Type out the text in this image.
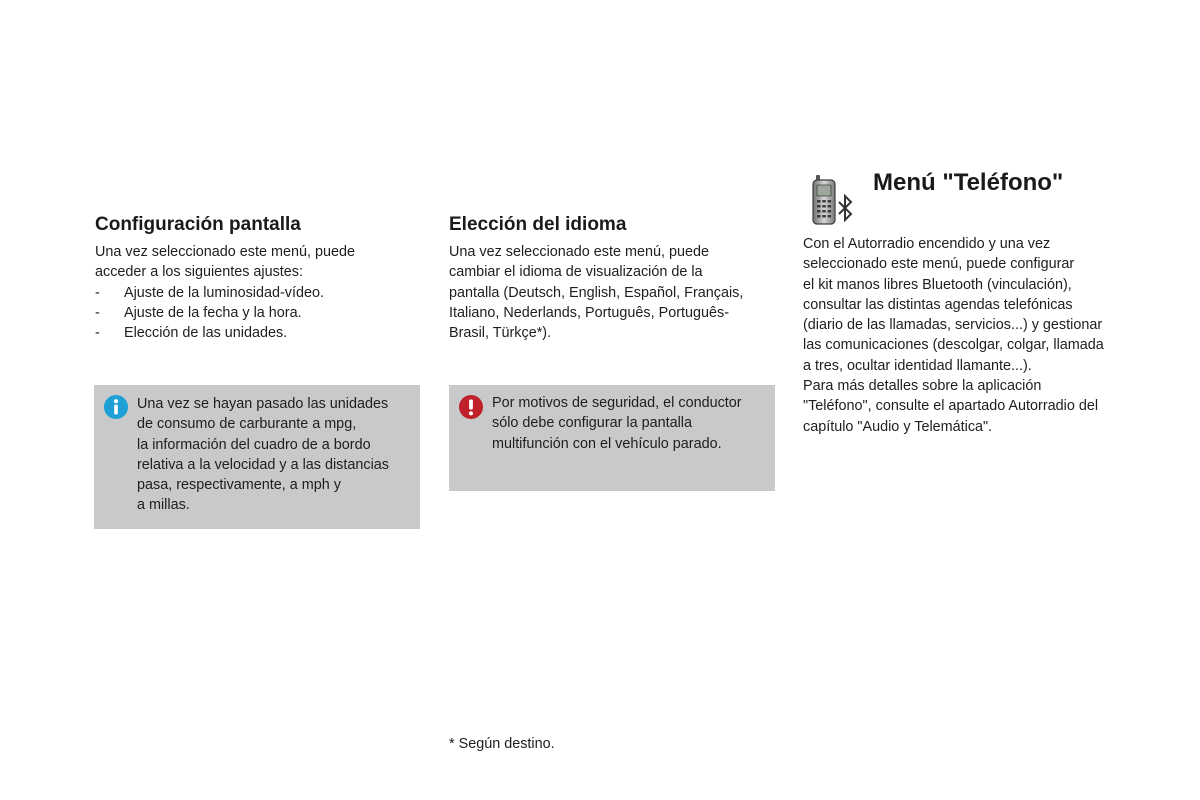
Configuración pantalla
Una vez seleccionado este menú, puede
acceder a los siguientes ajustes:
- Ajuste de la luminosidad-vídeo.
- Ajuste de la fecha y la hora.
- Elección de las unidades.
Una vez se hayan pasado las unidades
de consumo de carburante a mpg,
la información del cuadro de a bordo
relativa a la velocidad y a las distancias
pasa, respectivamente, a mph y
a millas.
Elección del idioma
Una vez seleccionado este menú, puede
cambiar el idioma de visualización de la
pantalla (Deutsch, English, Español, Français,
Italiano, Nederlands, Português, Português-
Brasil, Türkçe*).
Por motivos de seguridad, el conductor
sólo debe configurar la pantalla
multifunción con el vehículo parado.
Menú "Teléfono"
Con el Autorradio encendido y una vez
seleccionado este menú, puede configurar
el kit manos libres Bluetooth (vinculación),
consultar las distintas agendas telefónicas
(diario de las llamadas, servicios...) y gestionar
las comunicaciones (descolgar, colgar, llamada
a tres, ocultar identidad llamante...).
Para más detalles sobre la aplicación
"Teléfono", consulte el apartado Autorradio del
capítulo "Audio y Telemática".
* Según destino.
